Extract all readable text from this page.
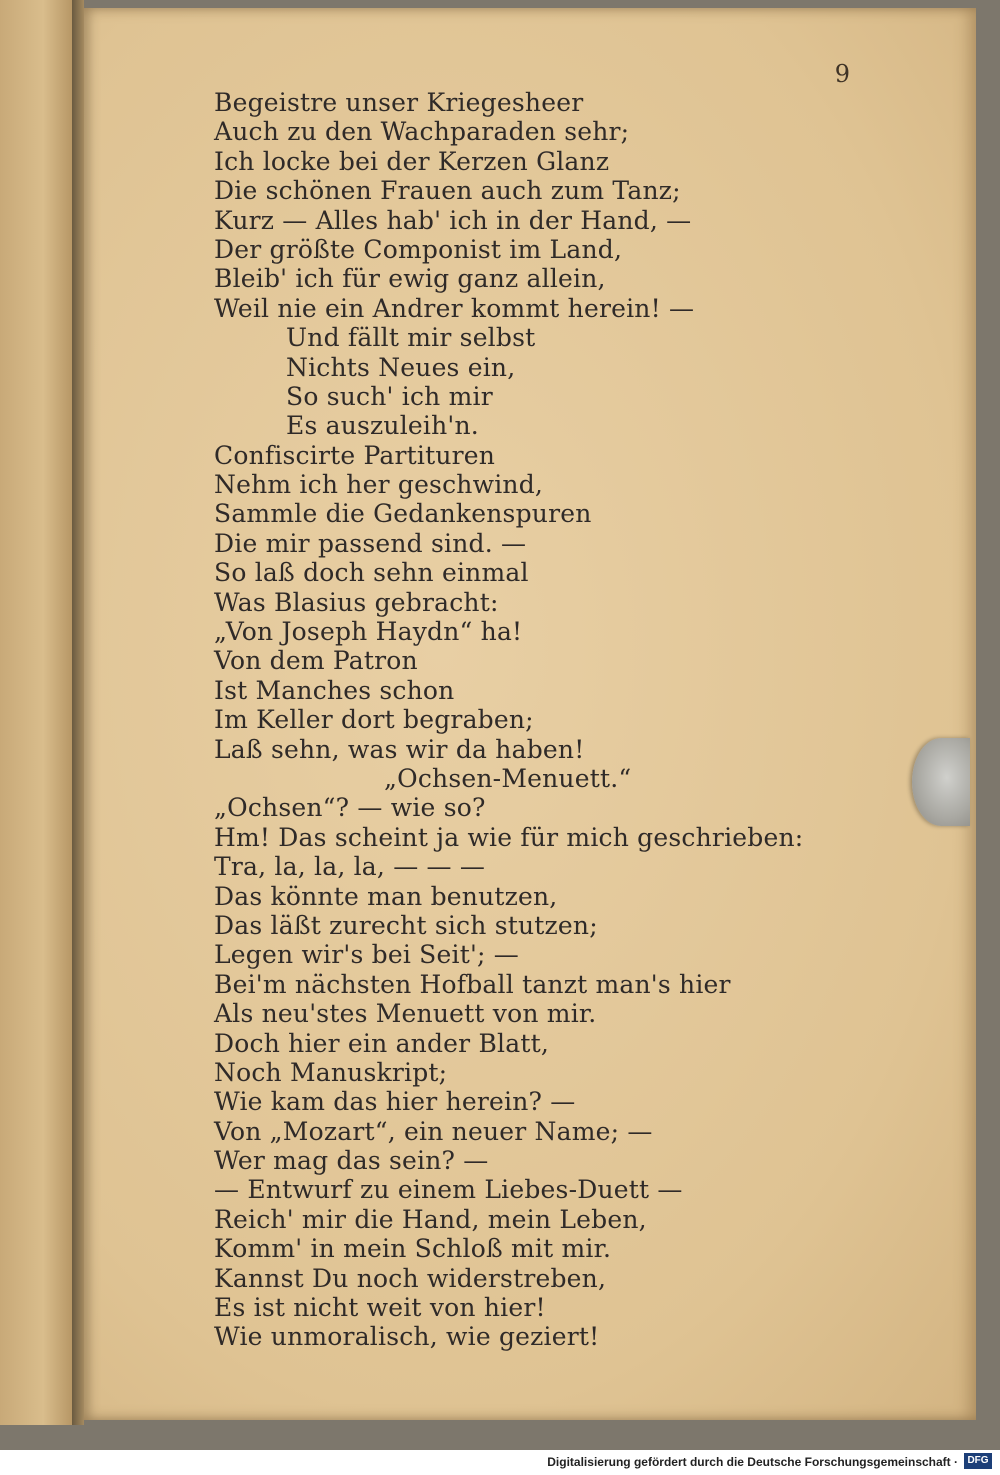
9
Begeistre unser Kriegesheer
Auch zu den Wachparaden sehr;
Ich locke bei der Kerzen Glanz
Die schönen Frauen auch zum Tanz;
Kurz — Alles hab' ich in der Hand, —
Der größte Componist im Land,
Bleib' ich für ewig ganz allein,
Weil nie ein Andrer kommt herein! —
Und fällt mir selbst
Nichts Neues ein,
So such' ich mir
Es auszuleih'n.
Confiscirte Partituren
Nehm ich her geschwind,
Sammle die Gedankenspuren
Die mir passend sind. —
So laß doch sehn einmal
Was Blasius gebracht:
„Von Joseph Haydn“ ha!
Von dem Patron
Ist Manches schon
Im Keller dort begraben;
Laß sehn, was wir da haben!
„Ochsen-Menuett.“
„Ochsen“? — wie so?
Hm! Das scheint ja wie für mich geschrieben:
Tra, la, la, la, — — —
Das könnte man benutzen,
Das läßt zurecht sich stutzen;
Legen wir's bei Seit'; —
Bei'm nächsten Hofball tanzt man's hier
Als neu'stes Menuett von mir.
Doch hier ein ander Blatt,
Noch Manuskript;
Wie kam das hier herein? —
Von „Mozart“, ein neuer Name; —
Wer mag das sein? —
— Entwurf zu einem Liebes-Duett —
Reich' mir die Hand, mein Leben,
Komm' in mein Schloß mit mir.
Kannst Du noch widerstreben,
Es ist nicht weit von hier!
Wie unmoralisch, wie geziert!
Digitalisierung gefördert durch die Deutsche Forschungsgemeinschaft · DFG
